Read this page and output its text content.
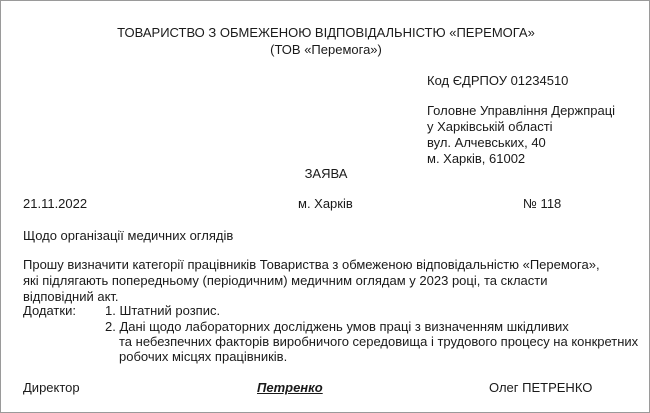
ТОВАРИСТВО З ОБМЕЖЕНОЮ ВІДПОВІДАЛЬНІСТЮ «ПЕРЕМОГА»
(ТОВ «Перемога»)
Код ЄДРПОУ 01234510
Головне Управління Держпраці
у Харківській області
вул. Алчевських, 40
м. Харків, 61002
ЗАЯВА
21.11.2022	м. Харків	№ 118
Щодо організації медичних оглядів
Прошу визначити категорії працівників Товариства з обмеженою відповідальністю «Перемога»,
які підлягають попередньому (періодичним) медичним оглядам у 2023 році, та скласти
відповідний акт.
Додатки: 1. Штатний розпис.
2. Дані щодо лабораторних досліджень умов праці з визначенням шкідливих
та небезпечних факторів виробничого середовища і трудового процесу на конкретних
робочих місцях працівників.
Директор	Петренко	Олег ПЕТРЕНКО
